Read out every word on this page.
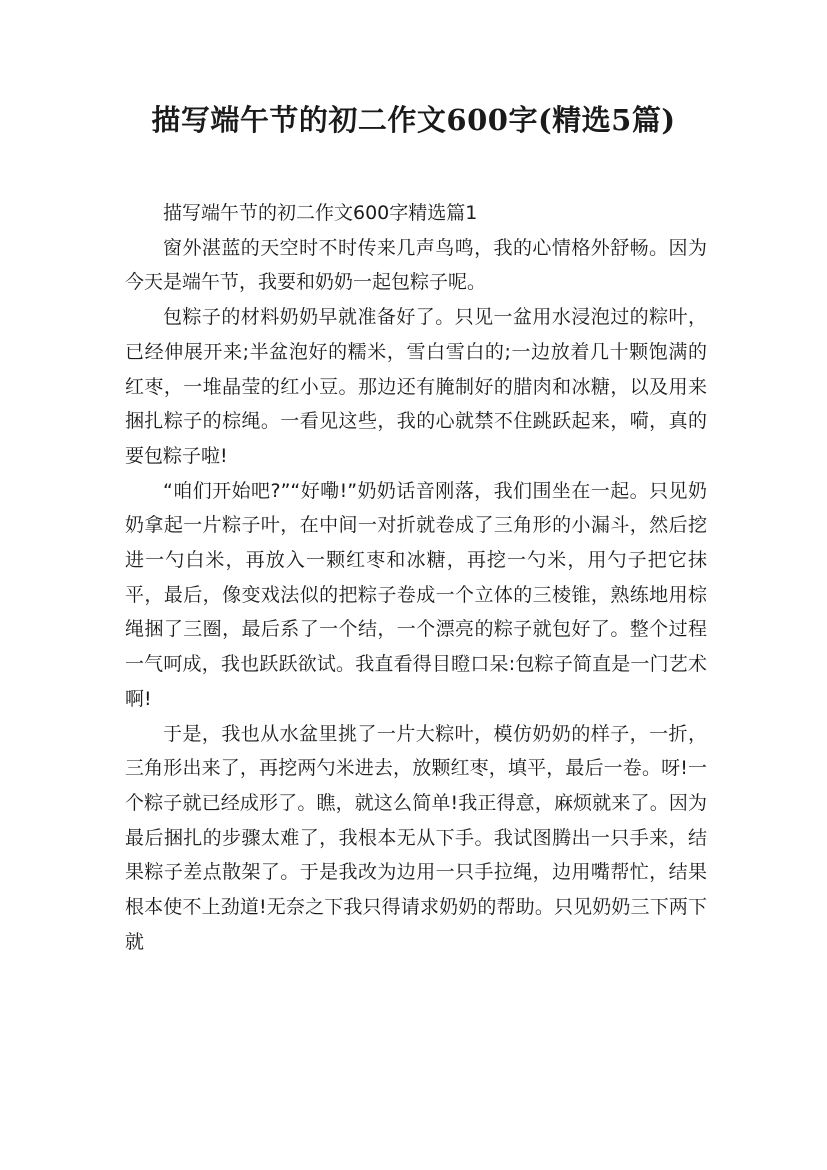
描写端午节的初二作文600字(精选5篇)

描写端午节的初二作文600字精选篇1

窗外湛蓝的天空时不时传来几声鸟鸣，我的心情格外舒畅。因为今天是端午节，我要和奶奶一起包粽子呢。

包粽子的材料奶奶早就准备好了。只见一盆用水浸泡过的粽叶，已经伸展开来;半盆泡好的糯米，雪白雪白的;一边放着几十颗饱满的红枣，一堆晶莹的红小豆。那边还有腌制好的腊肉和冰糖，以及用来捆扎粽子的棕绳。一看见这些，我的心就禁不住跳跃起来，嗬，真的要包粽子啦!

“咱们开始吧?”“好嘞!”奶奶话音刚落，我们围坐在一起。只见奶奶拿起一片粽子叶，在中间一对折就卷成了三角形的小漏斗，然后挖进一勺白米，再放入一颗红枣和冰糖，再挖一勺米，用勺子把它抹平，最后，像变戏法似的把粽子卷成一个立体的三棱锥，熟练地用棕绳捆了三圈，最后系了一个结，一个漂亮的粽子就包好了。整个过程一气呵成，我也跃跃欲试。我直看得目瞪口呆:包粽子简直是一门艺术啊!

于是，我也从水盆里挑了一片大粽叶，模仿奶奶的样子，一折，三角形出来了，再挖两勺米进去，放颗红枣，填平，最后一卷。呀!一个粽子就已经成形了。瞧，就这么简单!我正得意，麻烦就来了。因为最后捆扎的步骤太难了，我根本无从下手。我试图腾出一只手来，结果粽子差点散架了。于是我改为边用一只手拉绳，边用嘴帮忙，结果根本使不上劲道!无奈之下我只得请求奶奶的帮助。只见奶奶三下两下就
